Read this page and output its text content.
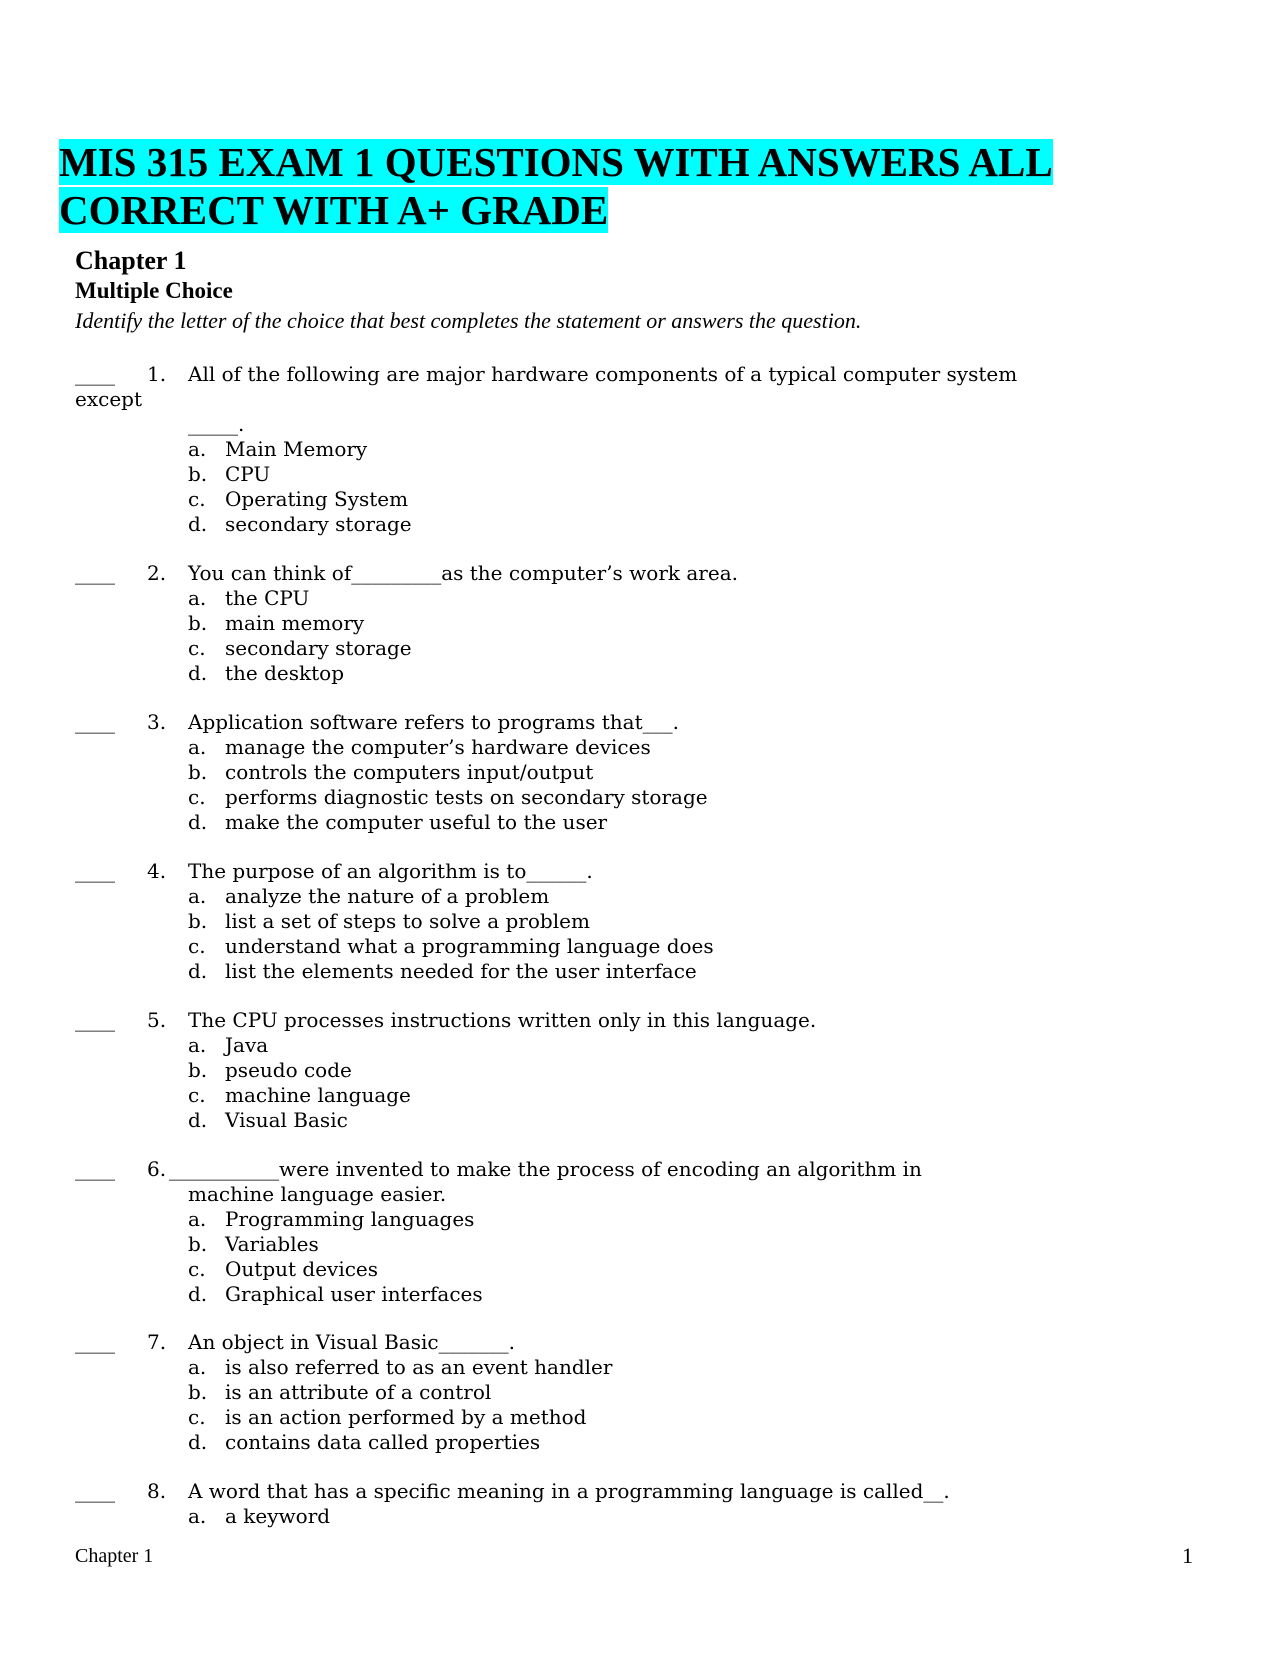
MIS 315 EXAM 1 QUESTIONS WITH ANSWERS ALL CORRECT WITH A+ GRADE
Chapter 1
Multiple Choice

Identify the letter of the choice that best completes the statement or answers the question.

____ 1. All of the following are major hardware components of a typical computer system
except
_____.
a. Main Memory
b. CPU
c. Operating System
d. secondary storage
____ 2. You can think of_________as the computer’s work area.
a. the CPU
b. main memory
c. secondary storage
d. the desktop
____ 3. Application software refers to programs that___.
a. manage the computer’s hardware devices
b. controls the computers input/output
c. performs diagnostic tests on secondary storage
d. make the computer useful to the user
____ 4. The purpose of an algorithm is to______.
a. analyze the nature of a problem
b. list a set of steps to solve a problem
c. understand what a programming language does
d. list the elements needed for the user interface
____ 5. The CPU processes instructions written only in this language.
a. Java
b. pseudo code
c. machine language
d. Visual Basic
____ 6. ___________were invented to make the process of encoding an algorithm in
machine language easier.
a. Programming languages
b. Variables
c. Output devices
d. Graphical user interfaces
____ 7. An object in Visual Basic_______.
a. is also referred to as an event handler
b. is an attribute of a control
c. is an action performed by a method
d. contains data called properties
____ 8. A word that has a specific meaning in a programming language is called__.
a. a keyword
Chapter 1	1
